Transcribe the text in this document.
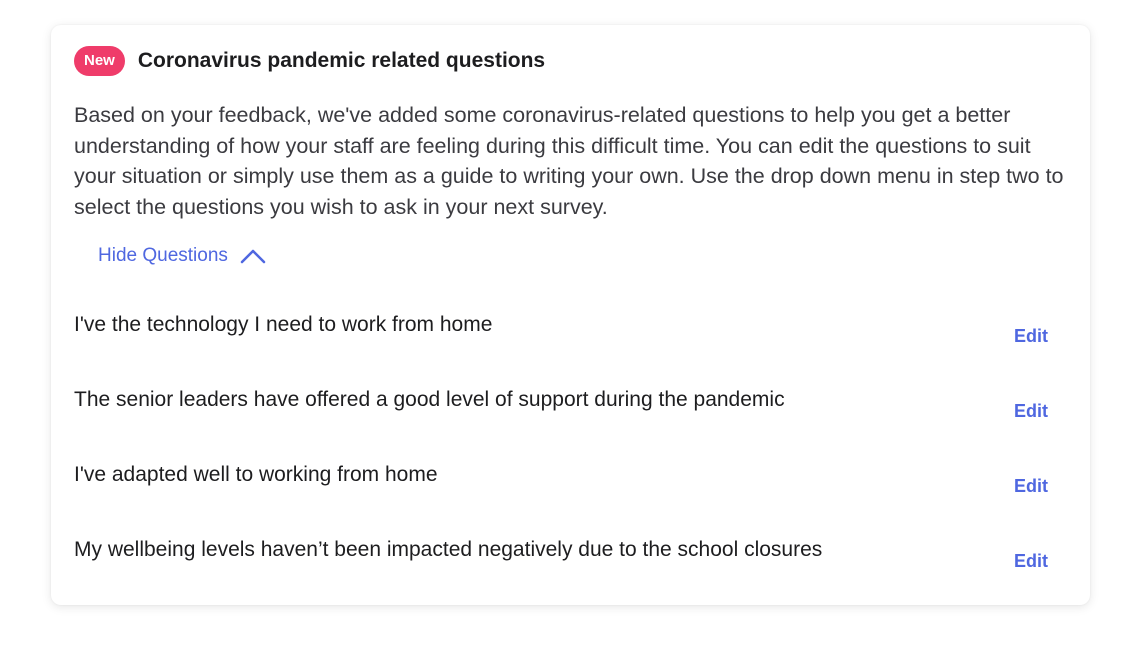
New	Coronavirus pandemic related questions

Based on your feedback, we've added some coronavirus-related questions to help you get a better understanding of how your staff are feeling during this difficult time. You can edit the questions to suit your situation or simply use them as a guide to writing your own. Use the drop down menu in step two to select the questions you wish to ask in your next survey.

Hide Questions
I've the technology I need to work from home	Edit
The senior leaders have offered a good level of support during the pandemic	Edit
I've adapted well to working from home	Edit
My wellbeing levels haven’t been impacted negatively due to the school closures	Edit
